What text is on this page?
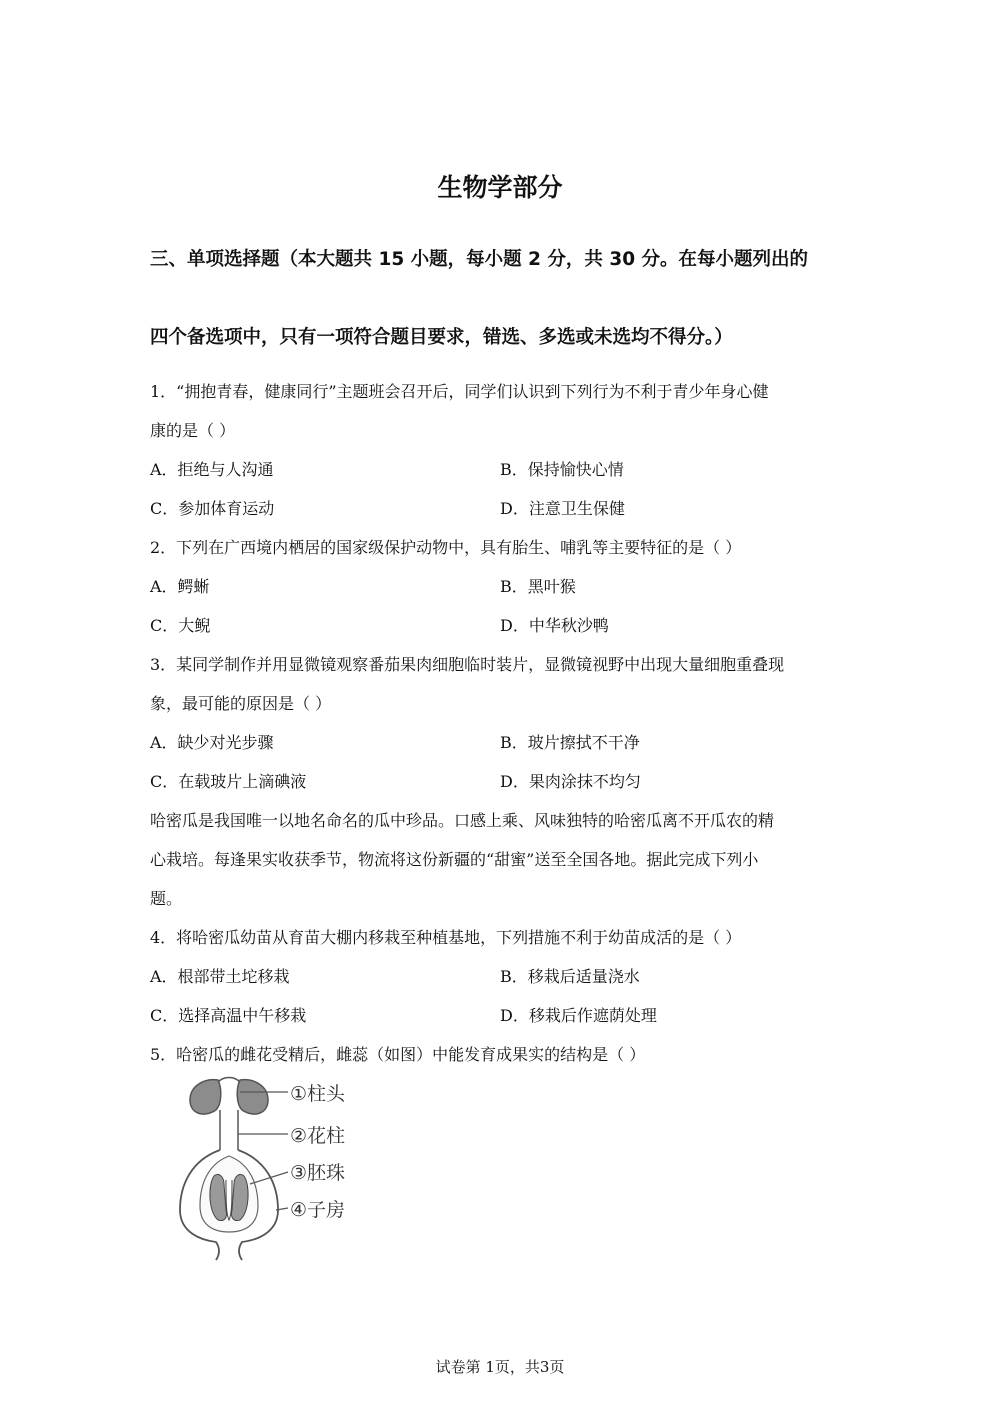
生物学部分
三、单项选择题（本大题共 15 小题，每小题 2 分，共 30 分。在每小题列出的
四个备选项中，只有一项符合题目要求，错选、多选或未选均不得分。）
1．“拥抱青春，健康同行”主题班会召开后，同学们认识到下列行为不利于青少年身心健
康的是（ ）
A．拒绝与人沟通	B．保持愉快心情
C．参加体育运动	D．注意卫生保健
2．下列在广西境内栖居的国家级保护动物中，具有胎生、哺乳等主要特征的是（ ）
A．鳄蜥	B．黑叶猴
C．大鲵	D．中华秋沙鸭
3．某同学制作并用显微镜观察番茄果肉细胞临时装片，显微镜视野中出现大量细胞重叠现
象，最可能的原因是（ ）
A．缺少对光步骤	B．玻片擦拭不干净
C．在载玻片上滴碘液	D．果肉涂抹不均匀
哈密瓜是我国唯一以地名命名的瓜中珍品。口感上乘、风味独特的哈密瓜离不开瓜农的精
心栽培。每逢果实收获季节，物流将这份新疆的“甜蜜”送至全国各地。据此完成下列小
题。
4．将哈密瓜幼苗从育苗大棚内移栽至种植基地，下列措施不利于幼苗成活的是（ ）
A．根部带土坨移栽	B．移栽后适量浇水
C．选择高温中午移栽	D．移栽后作遮荫处理
5．哈密瓜的雌花受精后，雌蕊（如图）中能发育成果实的结构是（ ）
①柱头
②花柱
③胚珠
④子房
试卷第 1页，共3页
